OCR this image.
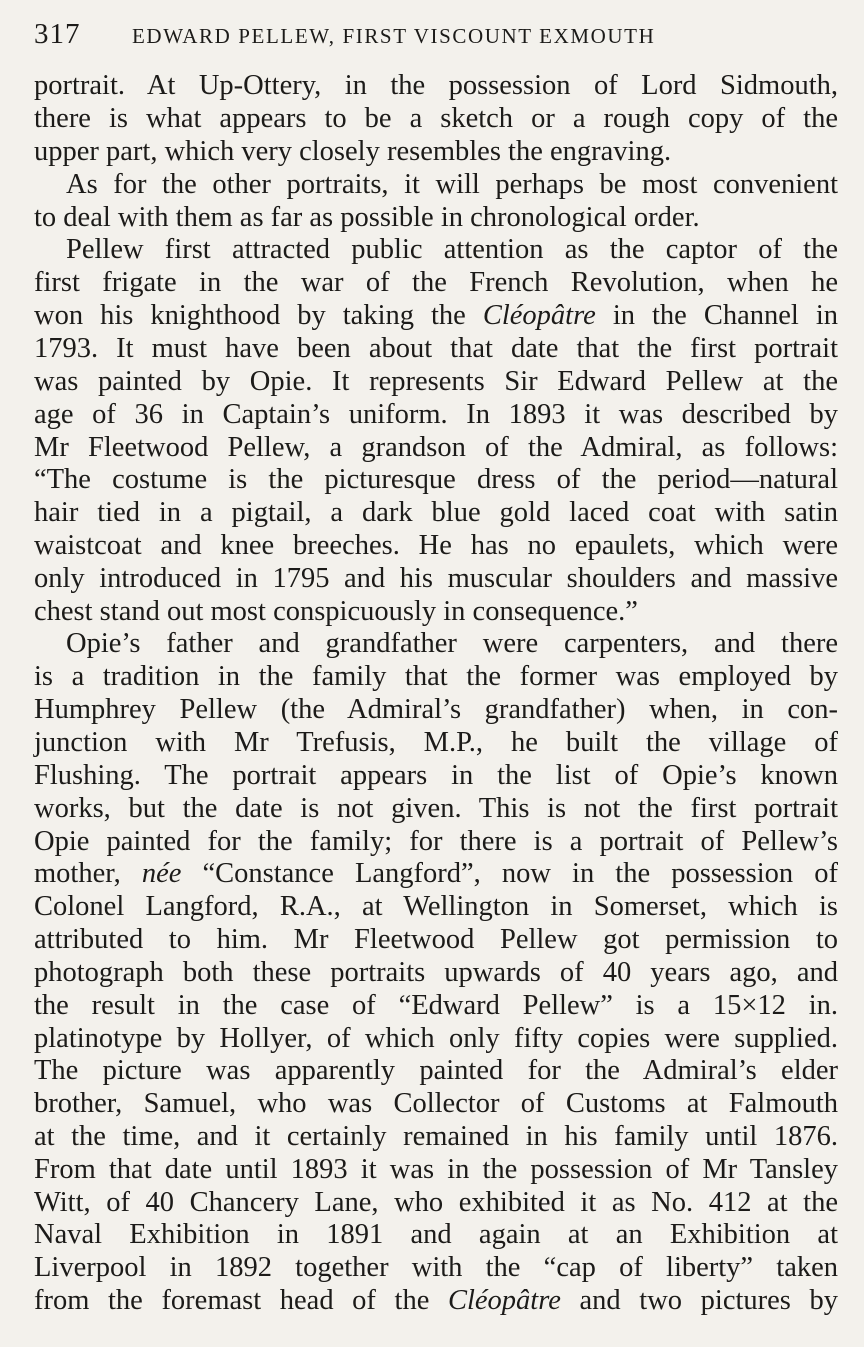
317	EDWARD PELLEW, FIRST VISCOUNT EXMOUTH
portrait. At Up-Ottery, in the possession of Lord Sidmouth,
there is what appears to be a sketch or a rough copy of the
upper part, which very closely resembles the engraving.
As for the other portraits, it will perhaps be most convenient
to deal with them as far as possible in chronological order.
Pellew first attracted public attention as the captor of the
first frigate in the war of the French Revolution, when he
won his knighthood by taking the Cléopâtre in the Channel in
1793. It must have been about that date that the first portrait
was painted by Opie. It represents Sir Edward Pellew at the
age of 36 in Captain’s uniform. In 1893 it was described by
Mr Fleetwood Pellew, a grandson of the Admiral, as follows:
“The costume is the picturesque dress of the period—natural
hair tied in a pigtail, a dark blue gold laced coat with satin
waistcoat and knee breeches. He has no epaulets, which were
only introduced in 1795 and his muscular shoulders and massive
chest stand out most conspicuously in consequence.”
Opie’s father and grandfather were carpenters, and there
is a tradition in the family that the former was employed by
Humphrey Pellew (the Admiral’s grandfather) when, in con-
junction with Mr Trefusis, M.P., he built the village of
Flushing. The portrait appears in the list of Opie’s known
works, but the date is not given. This is not the first portrait
Opie painted for the family; for there is a portrait of Pellew’s
mother, née “Constance Langford”, now in the possession of
Colonel Langford, R.A., at Wellington in Somerset, which is
attributed to him. Mr Fleetwood Pellew got permission to
photograph both these portraits upwards of 40 years ago, and
the result in the case of “Edward Pellew” is a 15×12 in.
platinotype by Hollyer, of which only fifty copies were supplied.
The picture was apparently painted for the Admiral’s elder
brother, Samuel, who was Collector of Customs at Falmouth
at the time, and it certainly remained in his family until 1876.
From that date until 1893 it was in the possession of Mr Tansley
Witt, of 40 Chancery Lane, who exhibited it as No. 412 at the
Naval Exhibition in 1891 and again at an Exhibition at
Liverpool in 1892 together with the “cap of liberty” taken
from the foremast head of the Cléopâtre and two pictures by
